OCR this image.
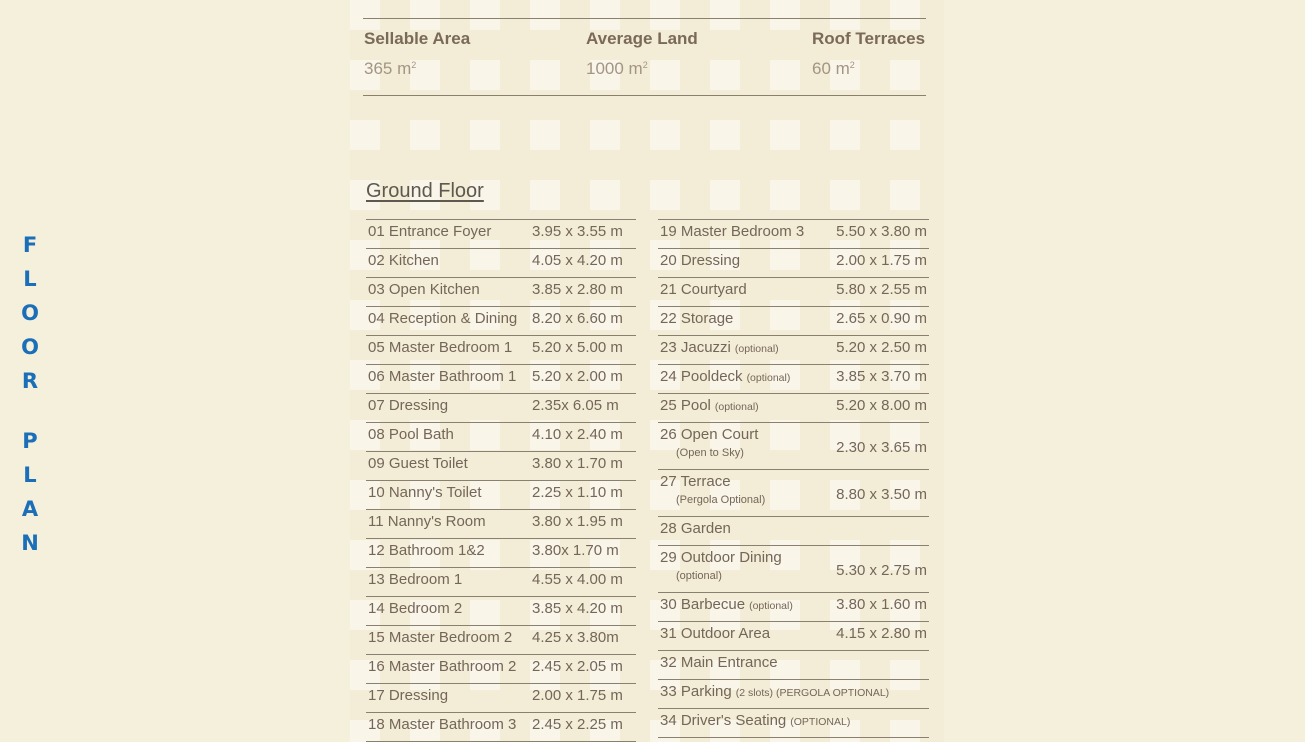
F
L
O
O
R
P
L
A
N
Sellable Area
365 $m^2$
Average Land
1000 $m^2$
Roof Terraces
60 $m^2$
Ground Floor
01 Entrance Foyer	3.95 x 3.55 m
02 Kitchen	4.05 x 4.20 m
03 Open Kitchen	3.85 x 2.80 m
04 Reception & Dining 8.20 x 6.60 m
05 Master Bedroom 1 5.20 x 5.00 m
06 Master Bathroom 1 5.20 x 2.00 m
07 Dressing	2.35x 6.05 m
08 Pool Bath	4.10 x 2.40 m
09 Guest Toilet	3.80 x 1.70 m
10 Nanny's Toilet	2.25 x 1.10 m
11 Nanny's Room	3.80 x 1.95 m
12 Bathroom 1&2	3.80x 1.70 m
13 Bedroom 1	4.55 x 4.00 m
14 Bedroom 2	3.85 x 4.20 m
15 Master Bedroom 2 4.25 x 3.80m
16 Master Bathroom 2 2.45 x 2.05 m
17 Dressing	2.00 x 1.75 m
18 Master Bathroom 3 2.45 x 2.25 m
19 Master Bedroom 3 5.50 x 3.80 m
20 Dressing	2.00 x 1.75 m
21 Courtyard	5.80 x 2.55 m
22 Storage	2.65 x 0.90 m
23 Jacuzzi (optional)	5.20 x 2.50 m
24 Pooldeck (optional)	3.85 x 3.70 m
25 Pool (optional)	5.20 x 8.00 m
26 Open Court
(Open to Sky)	2.30 x 3.65 m
27 Terrace
(Pergola Optional)	8.80 x 3.50 m
28 Garden
29 Outdoor Dining
(optional)	5.30 x 2.75 m
30 Barbecue (optional)	3.80 x 1.60 m
31 Outdoor Area	4.15 x 2.80 m
32 Main Entrance
33 Parking (2 slots) (PERGOLA OPTIONAL)
34 Driver's Seating (OPTIONAL)
